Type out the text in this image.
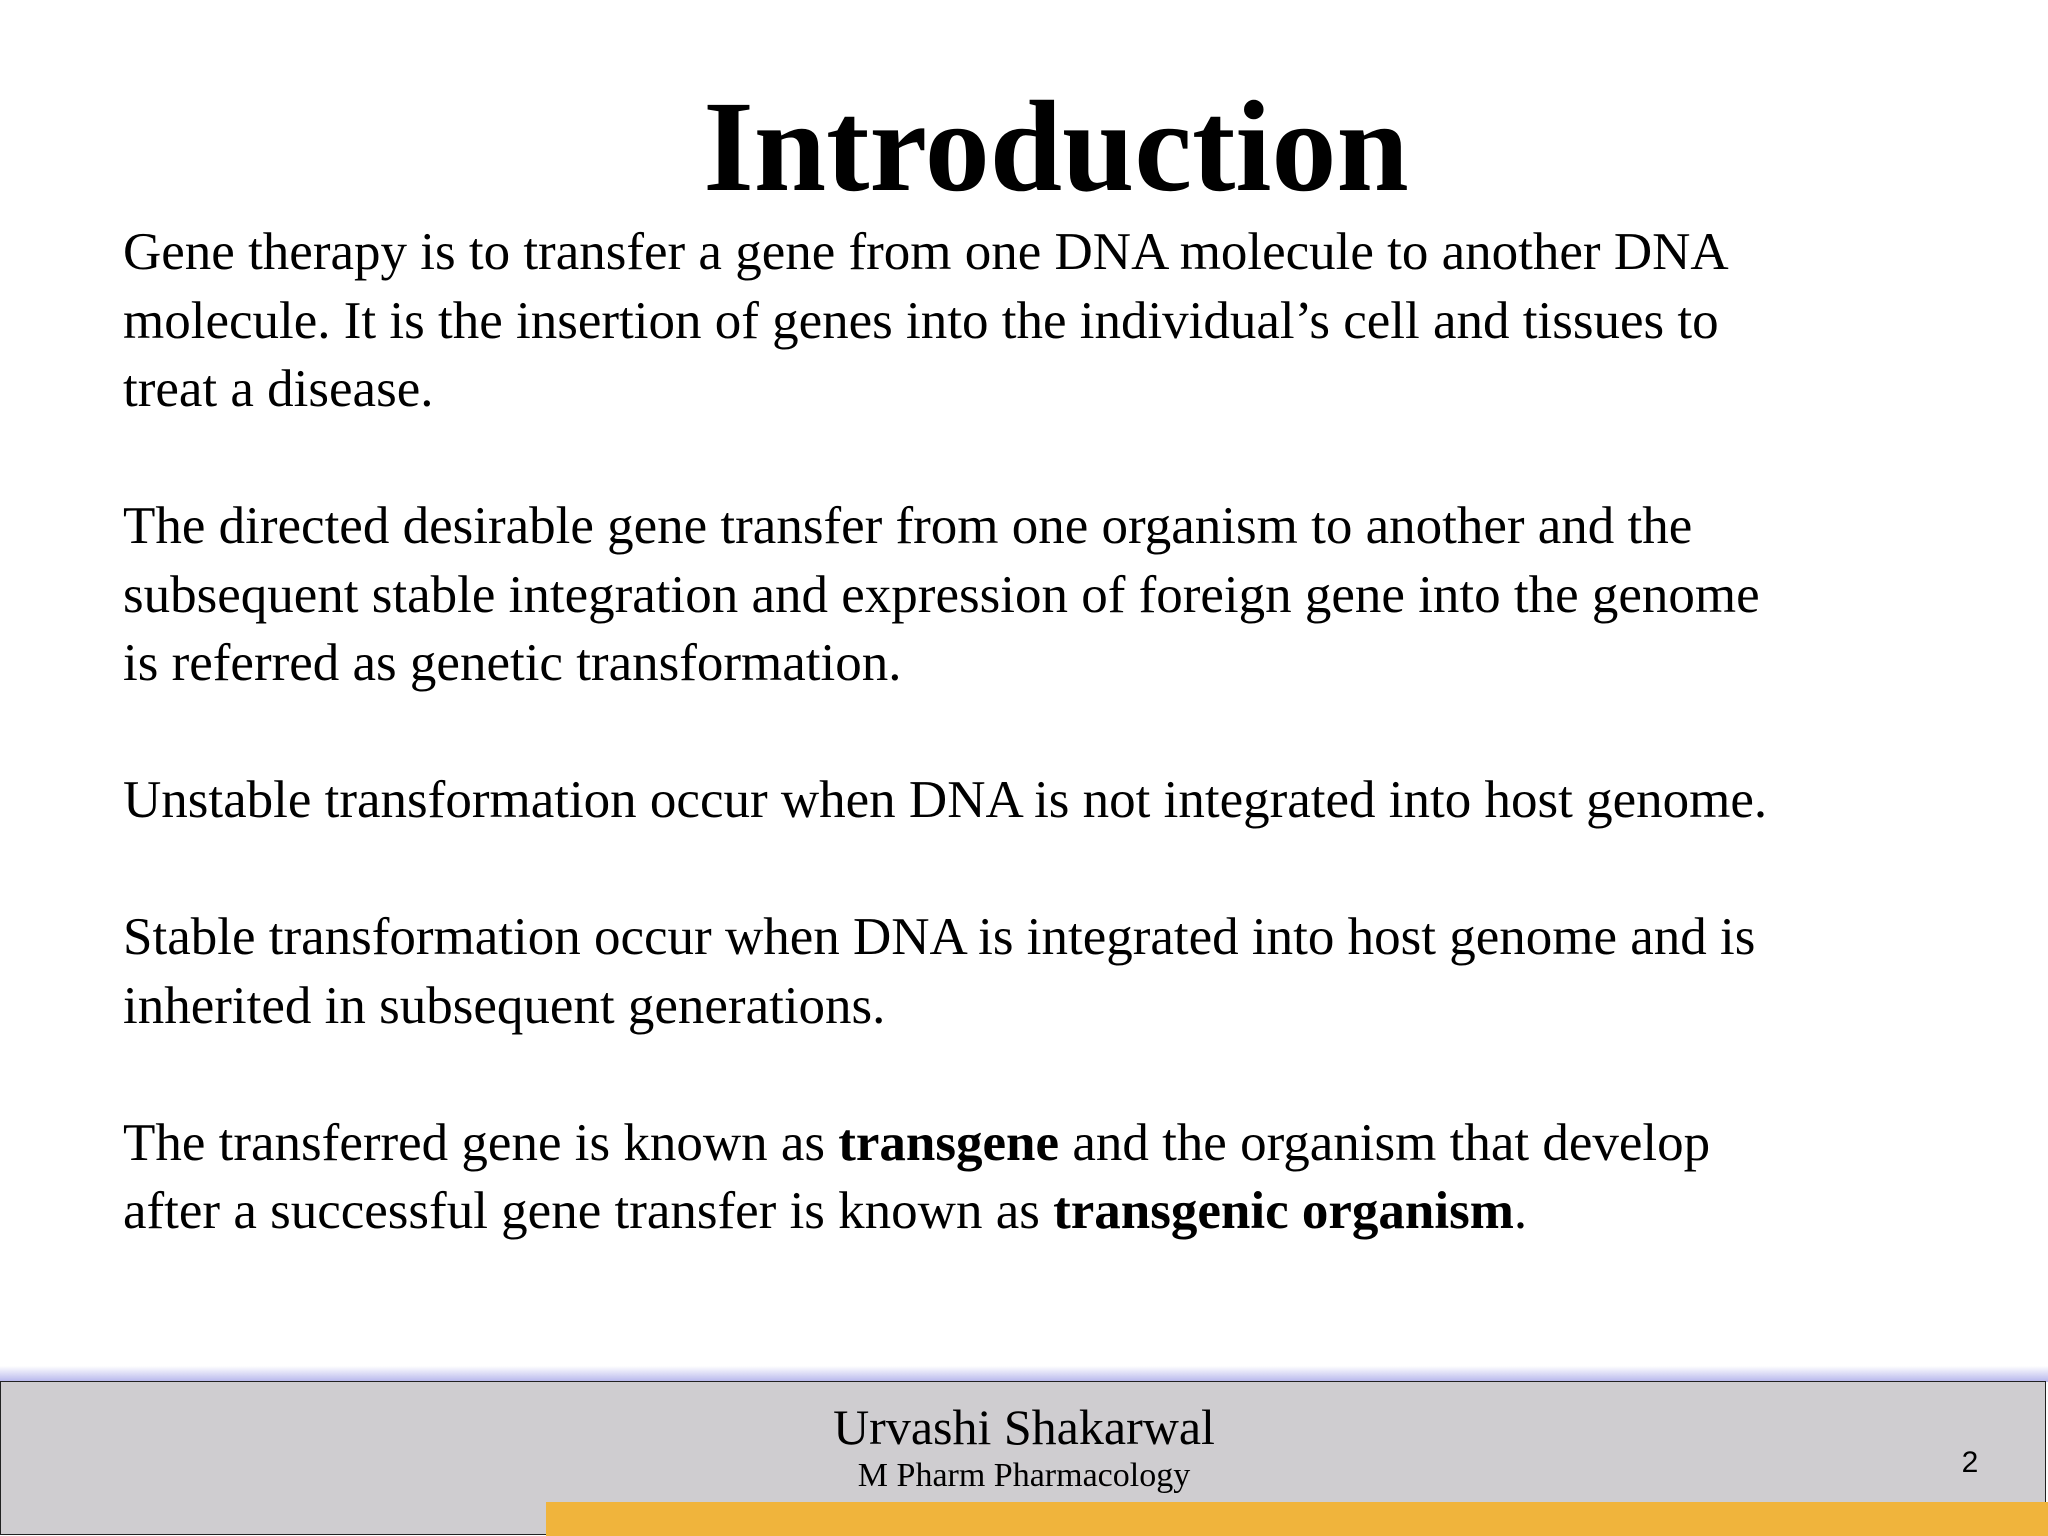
Introduction

Gene therapy is to transfer a gene from one DNA molecule to another DNA
molecule. It is the insertion of genes into the individual’s cell and tissues to
treat a disease.

The directed desirable gene transfer from one organism to another and the
subsequent stable integration and expression of foreign gene into the genome
is referred as genetic transformation.

Unstable transformation occur when DNA is not integrated into host genome.

Stable transformation occur when DNA is integrated into host genome and is
inherited in subsequent generations.

The transferred gene is known as transgene and the organism that develop
after a successful gene transfer is known as transgenic organism.

Urvashi Shakarwal
M Pharm Pharmacology	2
